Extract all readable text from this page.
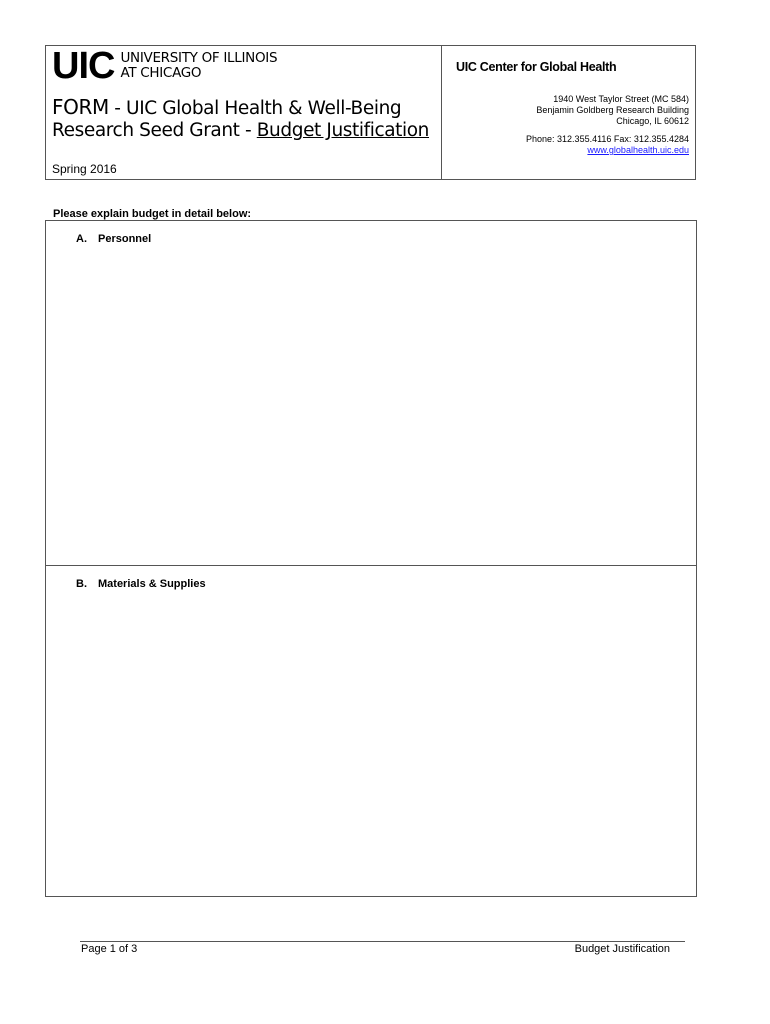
UIC UNIVERSITY OF ILLINOIS
AT CHICAGO
FORM - UIC Global Health & Well-Being
Research Seed Grant - Budget Justification
Spring 2016
UIC Center for Global Health
1940 West Taylor Street (MC 584)
Benjamin Goldberg Research Building
Chicago, IL 60612
Phone: 312.355.4116 Fax: 312.355.4284
www.globalhealth.uic.edu
Please explain budget in detail below:
A. Personnel
B. Materials & Supplies
Page 1 of 3	Budget Justification
